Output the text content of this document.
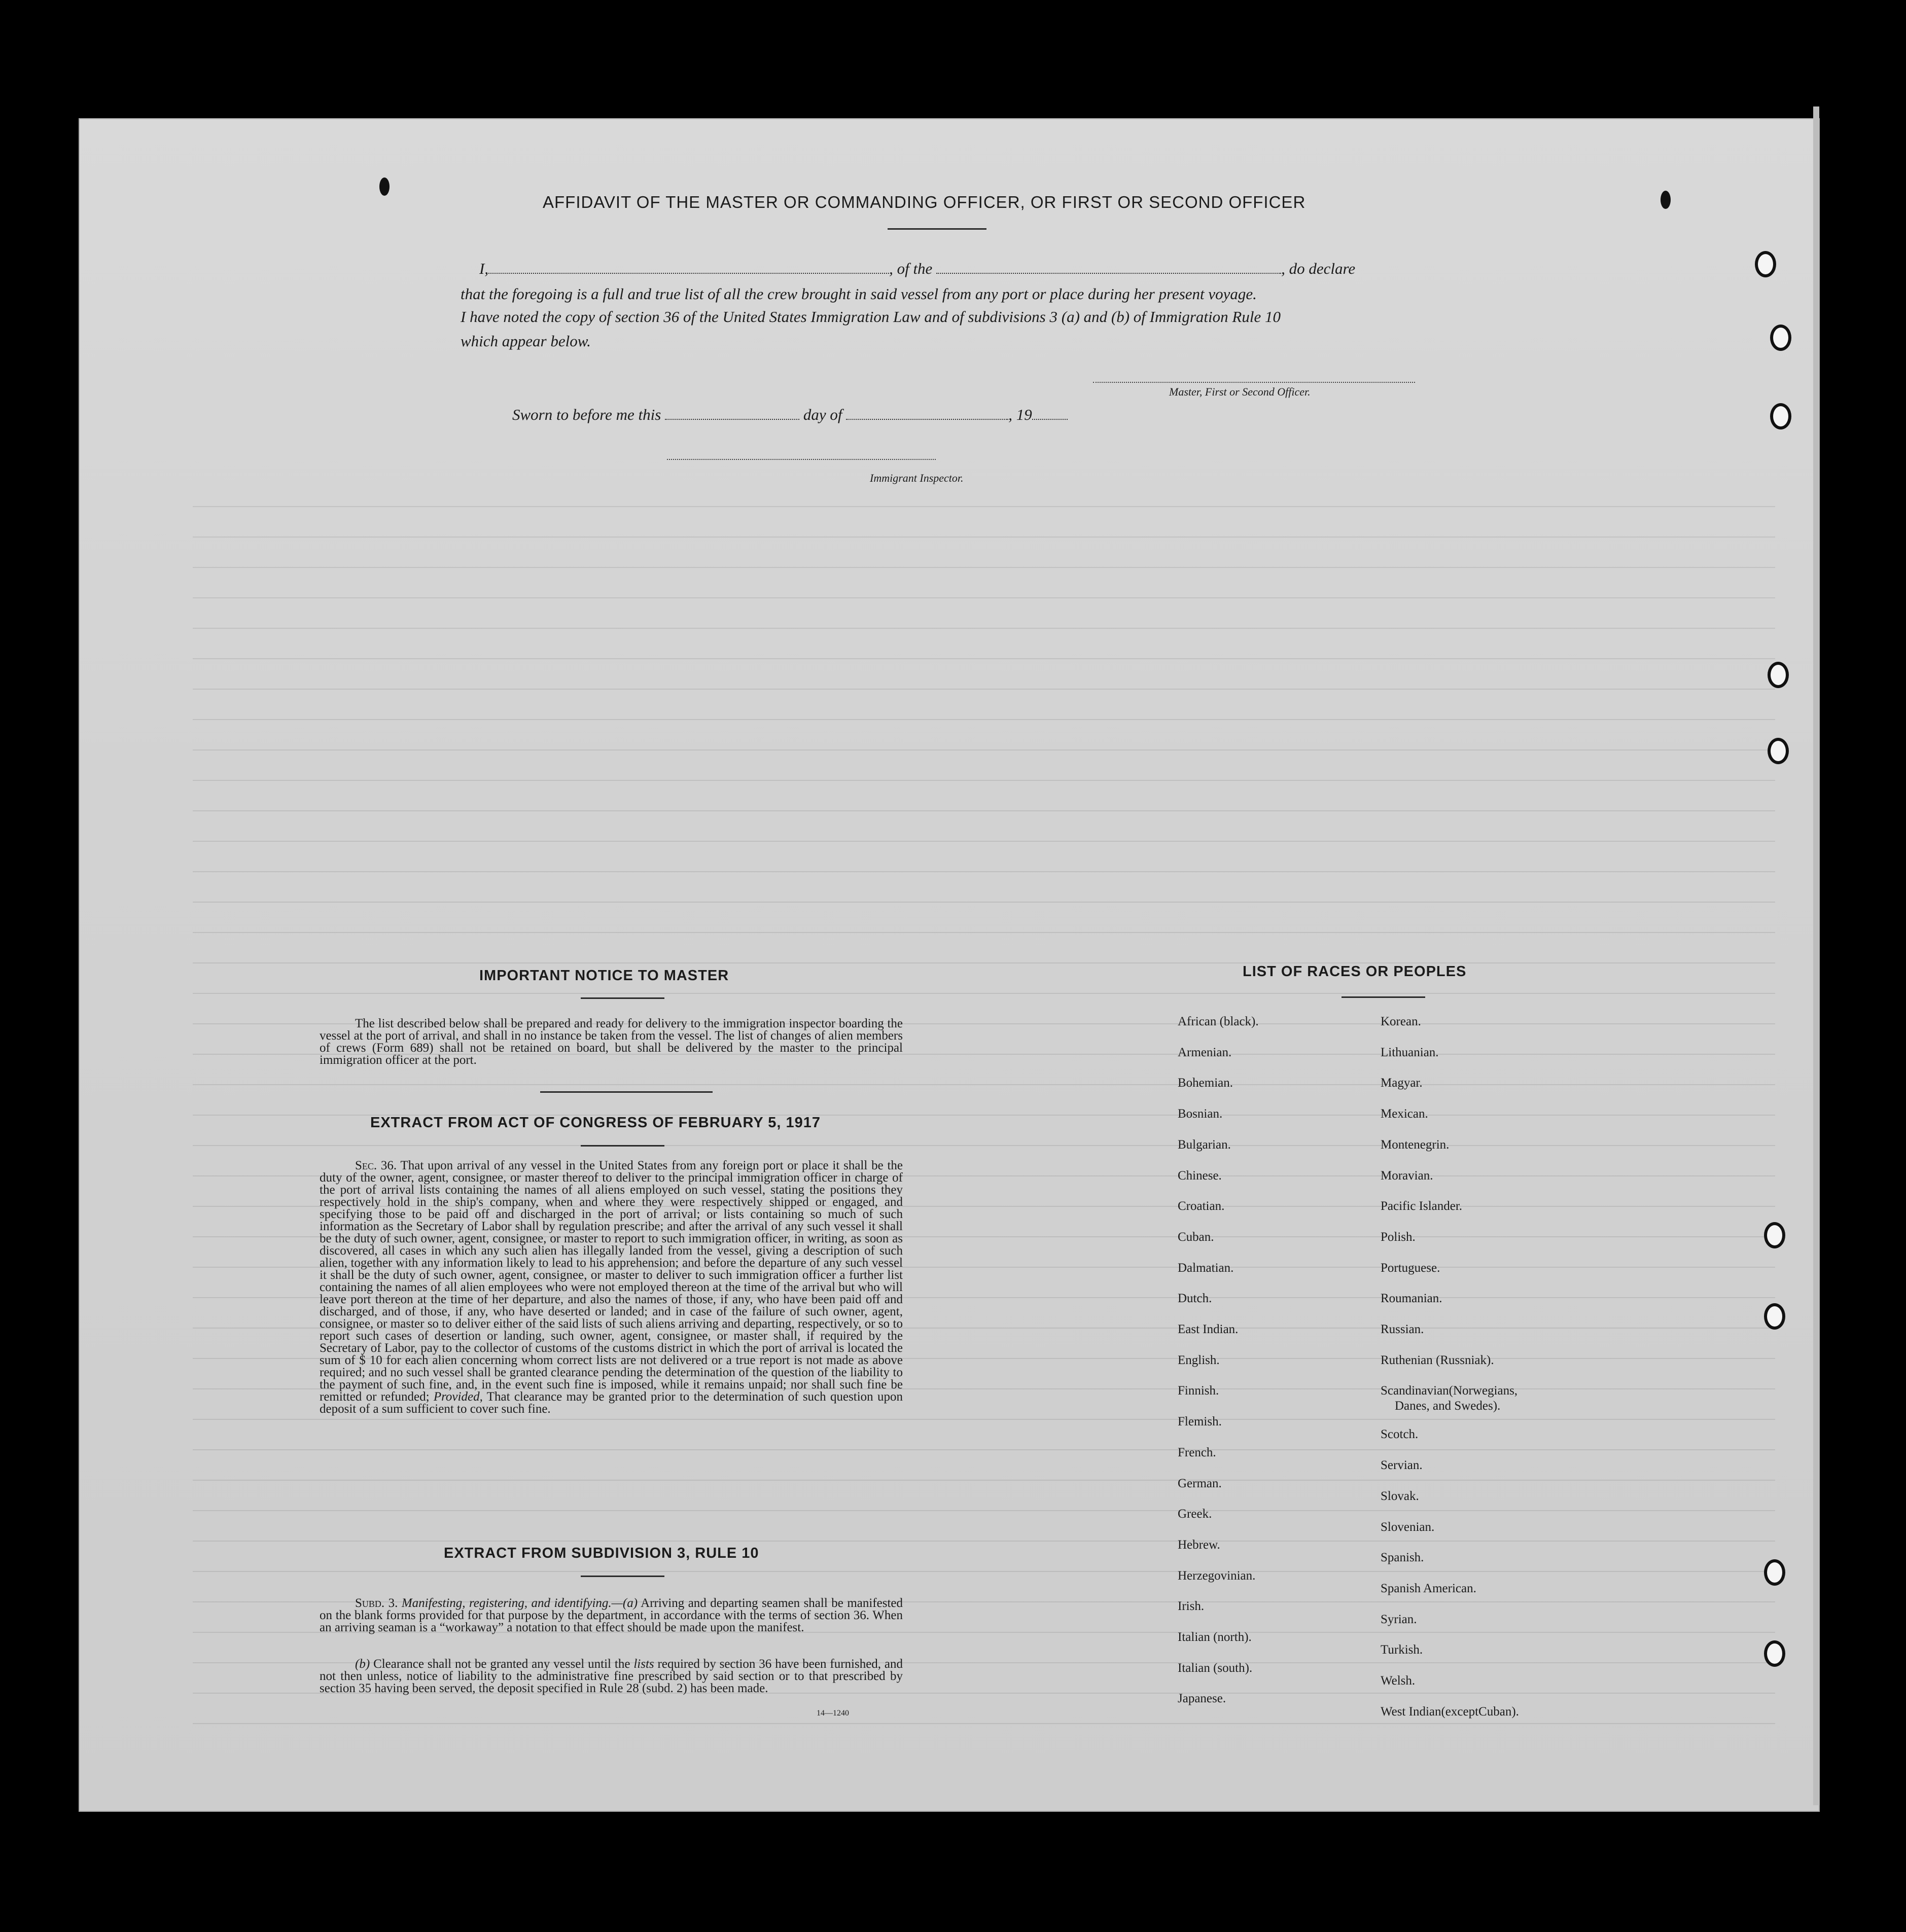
AFFIDAVIT OF THE MASTER OR COMMANDING OFFICER, OR FIRST OR SECOND OFFICER
I,	, of the	, do declare
that the foregoing is a full and true list of all the crew brought in said vessel from any port or place during her present voyage.
I have noted the copy of section 36 of the United States Immigration Law and of subdivisions 3 (a) and (b) of Immigration Rule 10
which appear below.
Master, First or Second Officer.
Sworn to before me this	day of	, 19
Immigrant Inspector.
IMPORTANT NOTICE TO MASTER
The list described below shall be prepared and ready for delivery to the immigration inspector boarding the vessel at the port of arrival, and shall in no instance be taken from the vessel. The list of changes of alien members of crews (Form 689) shall not be retained on board, but shall be delivered by the master to the principal immigration officer at the port.
EXTRACT FROM ACT OF CONGRESS OF FEBRUARY 5, 1917
Sec. 36. That upon arrival of any vessel in the United States from any foreign port or place it shall be the duty of the owner, agent, consignee, or master thereof to deliver to the principal immigration officer in charge of the port of arrival lists containing the names of all aliens employed on such vessel, stating the positions they respectively hold in the ship's company, when and where they were respectively shipped or engaged, and specifying those to be paid off and discharged in the port of arrival; or lists containing so much of such information as the Secretary of Labor shall by regulation prescribe; and after the arrival of any such vessel it shall be the duty of such owner, agent, consignee, or master to report to such immigration officer, in writing, as soon as discovered, all cases in which any such alien has illegally landed from the vessel, giving a description of such alien, together with any information likely to lead to his apprehension; and before the departure of any such vessel it shall be the duty of such owner, agent, consignee, or master to deliver to such immigration officer a further list containing the names of all alien employees who were not employed thereon at the time of the arrival but who will leave port thereon at the time of her departure, and also the names of those, if any, who have been paid off and discharged, and of those, if any, who have deserted or landed; and in case of the failure of such owner, agent, consignee, or master so to deliver either of the said lists of such aliens arriving and departing, respectively, or so to report such cases of desertion or landing, such owner, agent, consignee, or master shall, if required by the Secretary of Labor, pay to the collector of customs of the customs district in which the port of arrival is located the sum of $ 10 for each alien concerning whom correct lists are not delivered or a true report is not made as above required; and no such vessel shall be granted clearance pending the determination of the question of the liability to the payment of such fine, and, in the event such fine is imposed, while it remains unpaid; nor shall such fine be remitted or refunded; Provided, That clearance may be granted prior to the determination of such question upon deposit of a sum sufficient to cover such fine.
EXTRACT FROM SUBDIVISION 3, RULE 10
Subd. 3. Manifesting, registering, and identifying.—(a) Arriving and departing seamen shall be manifested on the blank forms provided for that purpose by the department, in accordance with the terms of section 36. When an arriving seaman is a “workaway” a notation to that effect should be made upon the manifest.
(b) Clearance shall not be granted any vessel until the lists required by section 36 have been furnished, and not then unless, notice of liability to the administrative fine prescribed by said section or to that prescribed by section 35 having been served, the deposit specified in Rule 28 (subd. 2) has been made.
14—1240
LIST OF RACES OR PEOPLES
African (black).
Armenian.
Bohemian.
Bosnian.
Bulgarian.
Chinese.
Croatian.
Cuban.
Dalmatian.
Dutch.
East Indian.
English.
Finnish.
Flemish.
French.
German.
Greek.
Hebrew.
Herzegovinian.
Irish.
Italian (north).
Italian (south).
Japanese.
Korean.
Lithuanian.
Magyar.
Mexican.
Montenegrin.
Moravian.
Pacific Islander.
Polish.
Portuguese.
Roumanian.
Russian.
Ruthenian (Russniak).
Scandinavian(Norwegians,
Danes, and Swedes).
Scotch.
Servian.
Slovak.
Slovenian.
Spanish.
Spanish American.
Syrian.
Turkish.
Welsh.
West Indian(exceptCuban).
